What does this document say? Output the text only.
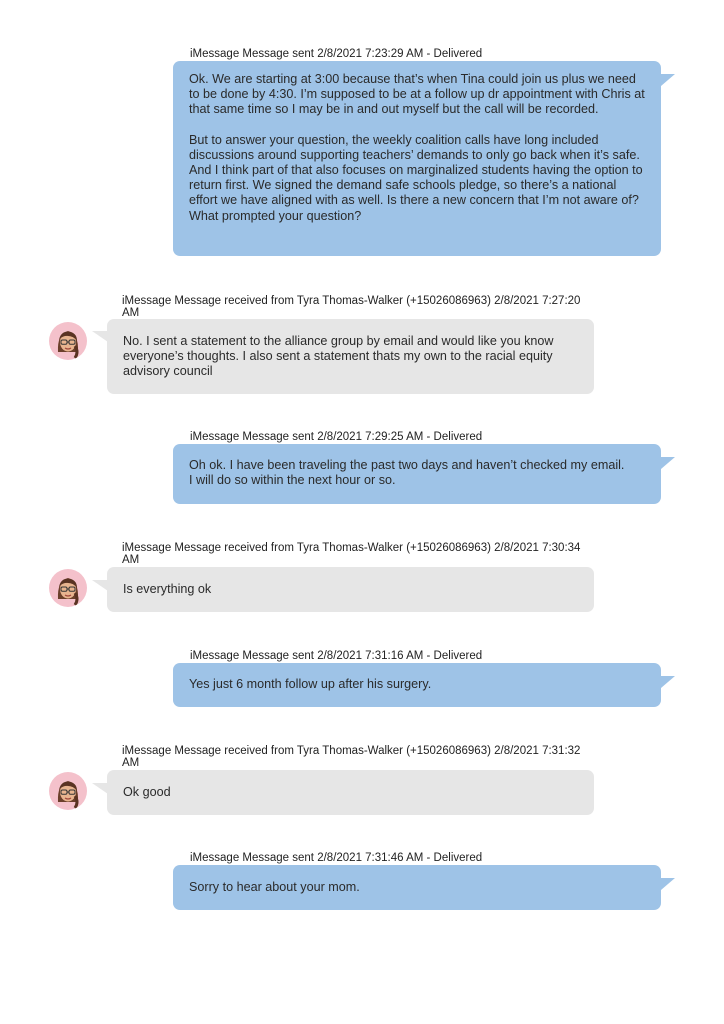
iMessage Message sent 2/8/2021 7:23:29 AM - Delivered

Ok. We are starting at 3:00 because that’s when Tina could join us plus we need to be done by 4:30. I’m supposed to be at a follow up dr appointment with Chris at that same time so I may be in and out myself but the call will be recorded.

But to answer your question, the weekly coalition calls have long included discussions around supporting teachers’ demands to only go back when it’s safe. And I think part of that also focuses on marginalized students having the option to return first. We signed the demand safe schools pledge, so there’s a national effort we have aligned with as well. Is there a new concern that I’m not aware of? What prompted your question?

iMessage Message received from Tyra Thomas-Walker (+15026086963) 2/8/2021 7:27:20 AM

No. I sent a statement to the alliance group by email and would like you know everyone’s thoughts. I also sent a statement thats my own to the racial equity advisory council

iMessage Message sent 2/8/2021 7:29:25 AM - Delivered

Oh ok. I have been traveling the past two days and haven’t checked my email. I will do so within the next hour or so.

iMessage Message received from Tyra Thomas-Walker (+15026086963) 2/8/2021 7:30:34 AM

Is everything ok

iMessage Message sent 2/8/2021 7:31:16 AM - Delivered

Yes just 6 month follow up after his surgery.

iMessage Message received from Tyra Thomas-Walker (+15026086963) 2/8/2021 7:31:32 AM

Ok good

iMessage Message sent 2/8/2021 7:31:46 AM - Delivered

Sorry to hear about your mom.
